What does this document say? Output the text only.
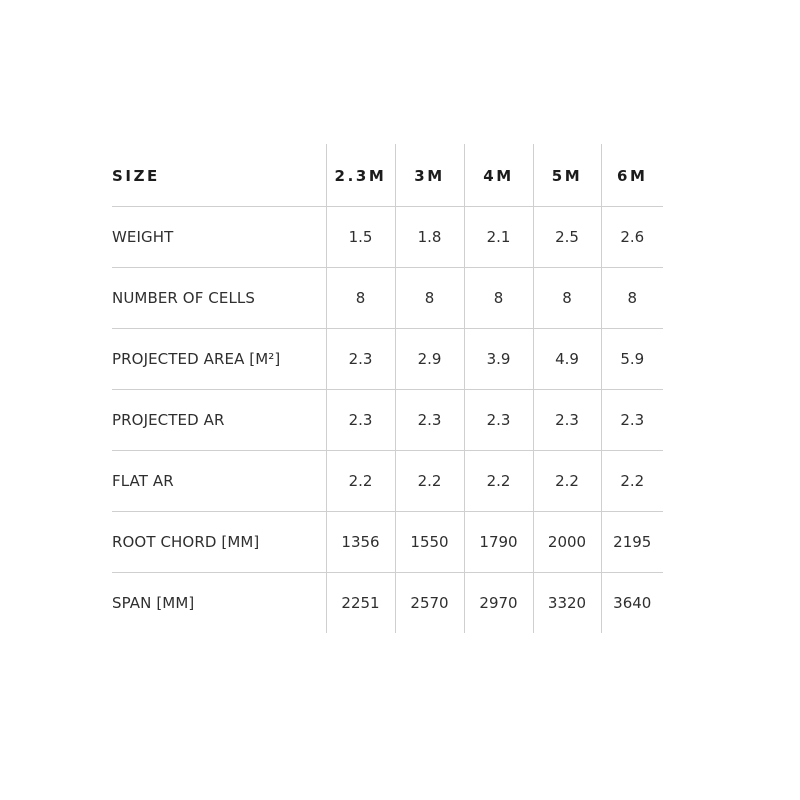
SIZE	2.3M	3M	4M	5M	6M
WEIGHT	1.5	1.8	2.1	2.5	2.6
NUMBER OF CELLS	8	8	8	8	8
PROJECTED AREA [M²]	2.3	2.9	3.9	4.9	5.9
PROJECTED AR	2.3	2.3	2.3	2.3	2.3
FLAT AR	2.2	2.2	2.2	2.2	2.2
ROOT CHORD [MM]	1356	1550	1790	2000	2195
SPAN [MM]	2251	2570	2970	3320	3640
